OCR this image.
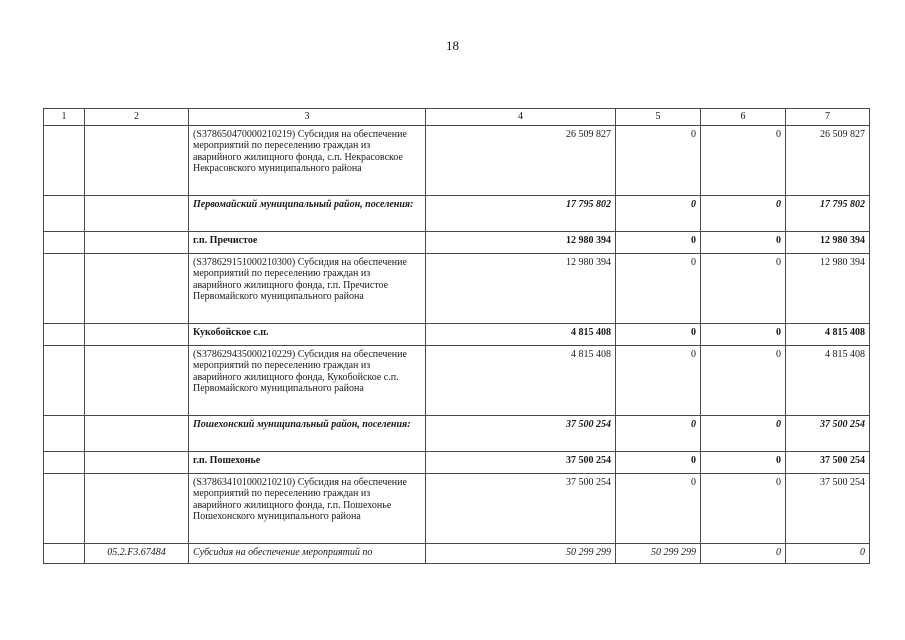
18
1	2	3	4	5	6	7
		(S378650470000210219) Субсидия на обеспечение мероприятий по переселению граждан из аварийного жилищного фонда, с.п. Некрасовское Некрасовского муниципального района	26 509 827	0	0	26 509 827
		Первомайский муниципальный район, поселения:	17 795 802	0	0	17 795 802
		г.п. Пречистое	12 980 394	0	0	12 980 394
		(S378629151000210300) Субсидия на обеспечение мероприятий по переселению граждан из аварийного жилищного фонда, г.п. Пречистое Первомайского муниципального района	12 980 394	0	0	12 980 394
		Кукобойское с.п.	4 815 408	0	0	4 815 408
		(S378629435000210229) Субсидия на обеспечение мероприятий по переселению граждан из аварийного жилищного фонда, Кукобойское с.п. Первомайского муниципального района	4 815 408	0	0	4 815 408
		Пошехонский муниципальный район, поселения:	37 500 254	0	0	37 500 254
		г.п. Пошехонье	37 500 254	0	0	37 500 254
		(S378634101000210210) Субсидия на обеспечение мероприятий по переселению граждан из аварийного жилищного фонда, г.п. Пошехонье Пошехонского муниципального района	37 500 254	0	0	37 500 254
	05.2.F3.67484	Субсидия на обеспечение мероприятий по	50 299 299	50 299 299	0	0
